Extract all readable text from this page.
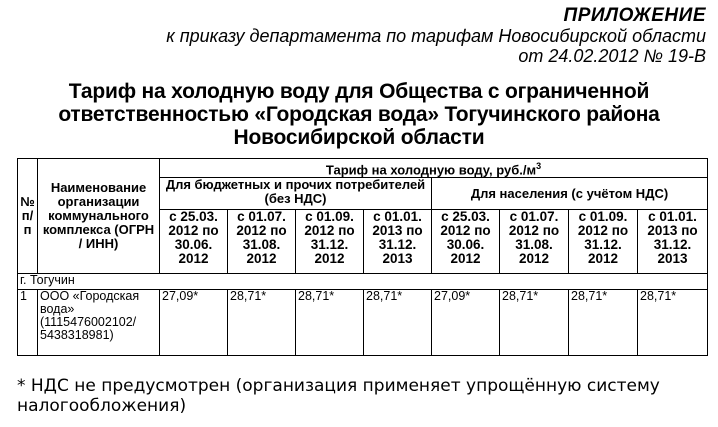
ПРИЛОЖЕНИЕ
к приказу департамента по тарифам Новосибирской области
от 24.02.2012 № 19-В
Тариф на холодную воду для Общества с ограниченной
ответственностью «Городская вода» Тогучинского района
Новосибирской области
№ п/п	Наименование организации коммунального комплекса (ОГРН / ИНН)	Тариф на холодную воду, $руб./м^3$
		Для бюджетных и прочих потребителей (без НДС)				Для населения (с учётом НДС)			
		с 25.03. 2012 по 30.06. 2012	с 01.07. 2012 по 31.08. 2012	с 01.09. 2012 по 31.12. 2012	с 01.01. 2013 по 31.12. 2013	с 25.03. 2012 по 30.06. 2012	с 01.07. 2012 по 31.08. 2012	с 01.09. 2012 по 31.12. 2012	с 01.01. 2013 по 31.12. 2013
г. Тогучин									
1	ООО «Городская вода» (1115476002102/ 5438318981)	27,09*	28,71*	28,71*	28,71*	27,09*	28,71*	28,71*	28,71*
* НДС не предусмотрен (организация применяет упрощённую систему налогообложения)
